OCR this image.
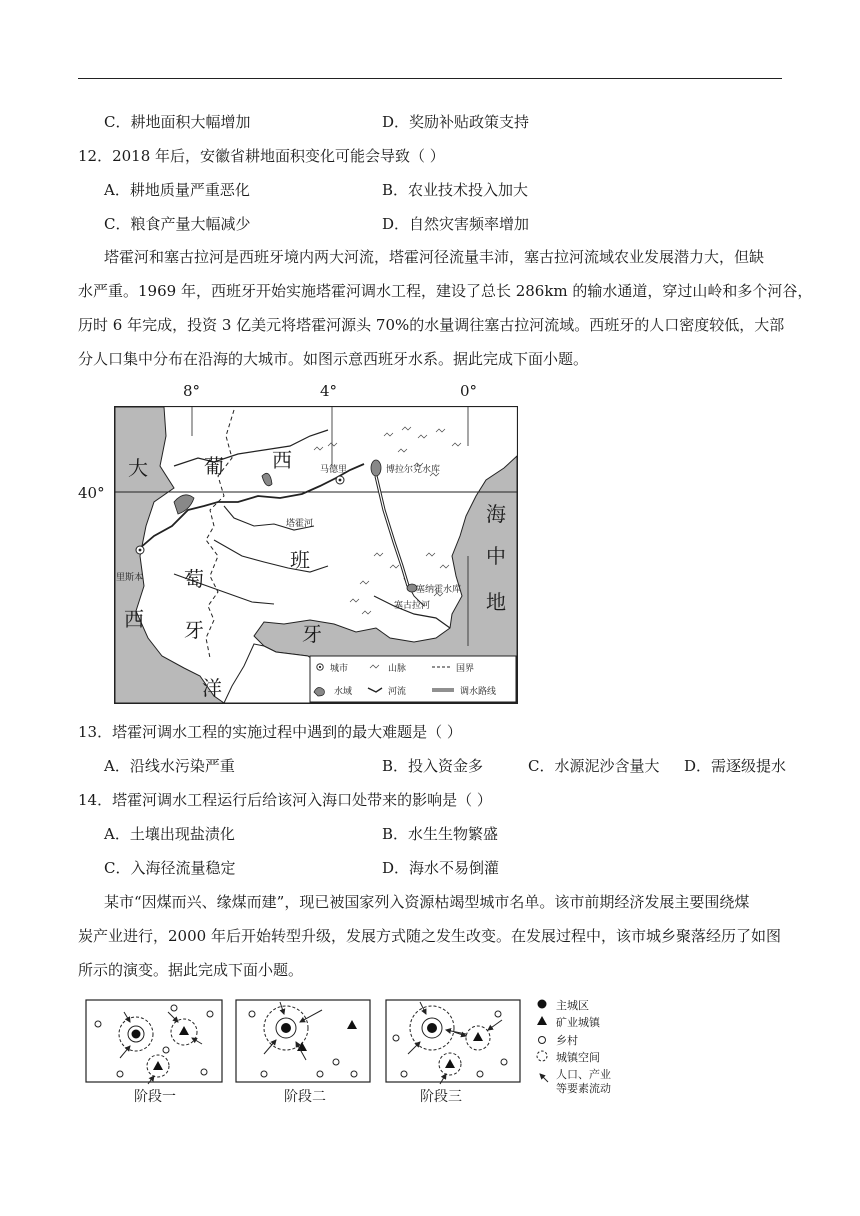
C．耕地面积大幅增加	D．奖励补贴政策支持
12．2018 年后，安徽省耕地面积变化可能会导致（ ）
A．耕地质量严重恶化	B．农业技术投入加大
C．粮食产量大幅减少	D．自然灾害频率增加
塔霍河和塞古拉河是西班牙境内两大河流，塔霍河径流量丰沛，塞古拉河流域农业发展潜力大，但缺
水严重。1969 年，西班牙开始实施塔霍河调水工程，建设了总长 286km 的输水通道，穿过山岭和多个河谷，
历时 6 年完成，投资 3 亿美元将塔霍河源头 70%的水量调往塞古拉河流域。西班牙的人口密度较低，大部
分人口集中分布在沿海的大城市。如图示意西班牙水系。据此完成下面小题。
8°	4°	0°
40°
大
西
洋
葡
萄
牙
西
班
牙
海
中
地
马德里
里斯本
塔霍河
塞古拉河
博拉尔克水库
塞纳霍水库
城市	山脉	国界
水域	河流	调水路线
13．塔霍河调水工程的实施过程中遇到的最大难题是（ ）
A．沿线水污染严重	B．投入资金多	C．水源泥沙含量大 D．需逐级提水
14．塔霍河调水工程运行后给该河入海口处带来的影响是（ ）
A．土壤出现盐渍化	B．水生生物繁盛
C．入海径流量稳定	D．海水不易倒灌
某市“因煤而兴、缘煤而建”，现已被国家列入资源枯竭型城市名单。该市前期经济发展主要围绕煤
炭产业进行，2000 年后开始转型升级，发展方式随之发生改变。在发展过程中，该市城乡聚落经历了如图
所示的演变。据此完成下面小题。
阶段一	阶段二	阶段三
主城区
矿业城镇
乡村
城镇空间
人口、产业
等要素流动
